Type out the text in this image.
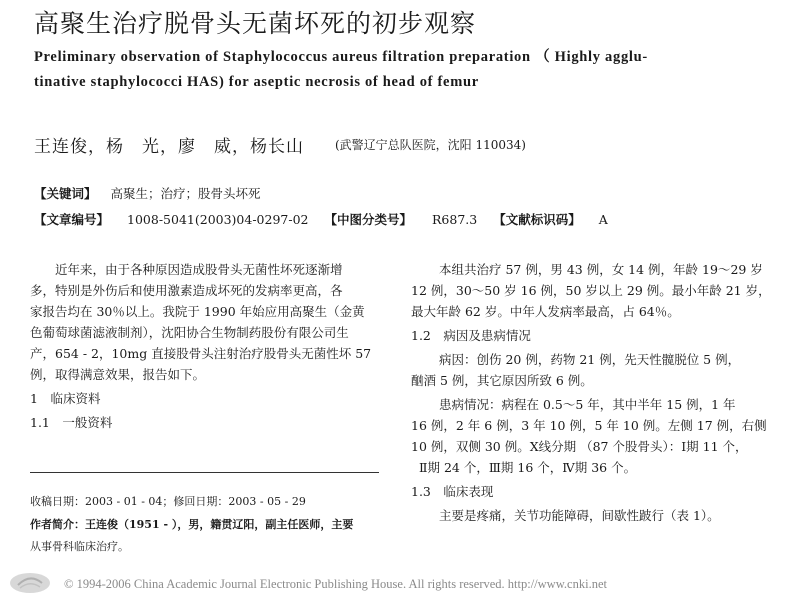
高聚生治疗脱骨头无菌坏死的初步观察
Preliminary observation of Staphylococcus aureus filtration preparation （ Highly agglu-
tinative staphylococci HAS) for aseptic necrosis of head of femur
王连俊，杨　光，廖　威，杨长山	(武警辽宁总队医院，沈阳 110034)
【关键词】 高聚生；治疗；股骨头坏死
【文章编号】 1008-5041(2003)04-0297-02 【中图分类号】 R687.3 【文献标识码】 A

近年来，由于各种原因造成股骨头无菌性坏死逐渐增

多，特别是外伤后和使用激素造成坏死的发病率更高，各

家报告均在 30％以上。我院于 1990 年始应用高聚生（金黄

色葡萄球菌滤液制剂），沈阳协合生物制药股份有限公司生

产，654 - 2，10mg 直接股骨头注射治疗股骨头无菌性坏 57

例，取得满意效果，报告如下。

1　临床资料

1.1　一般资料

收稿日期：2003 - 01 - 04；修回日期：2003 - 05 - 29
作者简介：王连俊（1951 - ），男，籍贯辽阳，副主任医师，主要
从事骨科临床治疗。

本组共治疗 57 例，男 43 例，女 14 例，年龄 19～29 岁

12 例，30～50 岁 16 例，50 岁以上 29 例。最小年龄 21 岁，

最大年龄 62 岁。中年人发病率最高，占 64％。

1.2　病因及患病情况

病因：创伤 20 例，药物 21 例，先天性髋脱位 5 例，

酗酒 5 例，其它原因所致 6 例。

患病情况：病程在 0.5～5 年，其中半年 15 例，1 年

16 例，2 年 6 例，3 年 10 例，5 年 10 例。左侧 17 例，右侧

10 例，双侧 30 例。X线分期 （87 个股骨头）：Ⅰ期 11 个，

Ⅱ期 24 个，Ⅲ期 16 个，Ⅳ期 36 个。

1.3　临床表现

主要是疼痛，关节功能障碍，间歇性跛行（表 1）。

© 1994-2006 China Academic Journal Electronic Publishing House. All rights reserved. http://www.cnki.net
